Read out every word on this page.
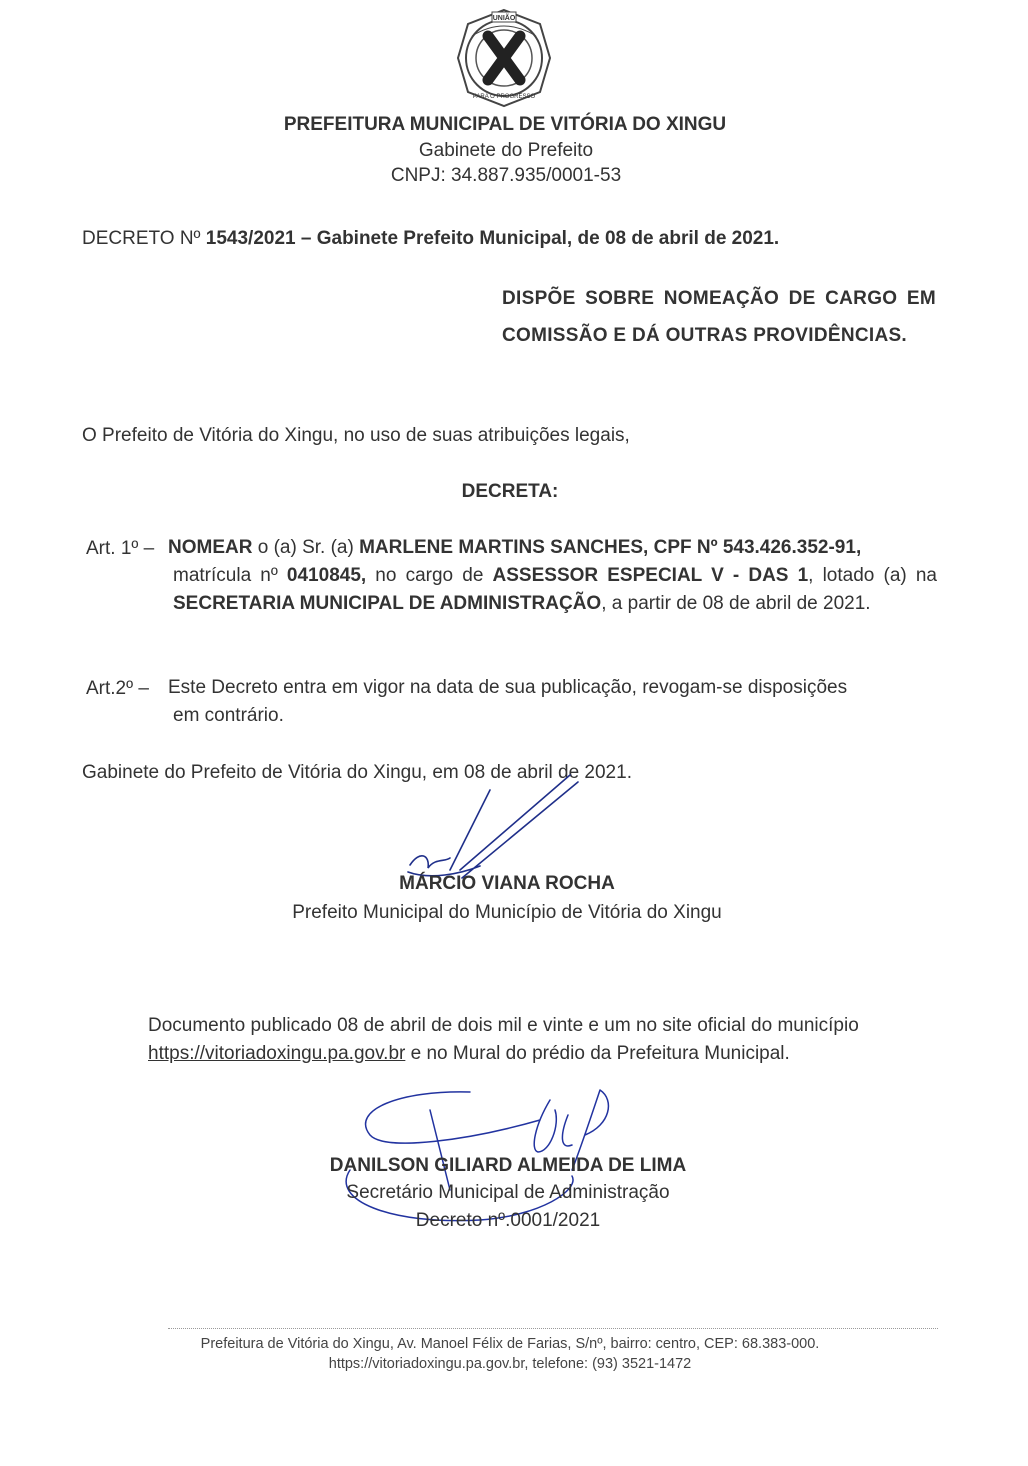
UNIÃO
PARA O PROGRESSO
PREFEITURA MUNICIPAL DE VITÓRIA DO XINGU
Gabinete do Prefeito
CNPJ: 34.887.935/0001-53
DECRETO Nº 1543/2021 – Gabinete Prefeito Municipal, de 08 de abril de 2021.
DISPÕE SOBRE NOMEAÇÃO DE CARGO EM COMISSÃO E DÁ OUTRAS PROVIDÊNCIAS.
O Prefeito de Vitória do Xingu, no uso de suas atribuições legais,
DECRETA:
Art. 1º – NOMEAR o (a) Sr. (a) MARLENE MARTINS SANCHES, CPF Nº 543.426.352-91,
matrícula nº 0410845, no cargo de ASSESSOR ESPECIAL V - DAS 1, lotado (a) na SECRETARIA MUNICIPAL DE ADMINISTRAÇÃO, a partir de 08 de abril de 2021.
Art.2º – Este Decreto entra em vigor na data de sua publicação, revogam-se disposições
em contrário.
Gabinete do Prefeito de Vitória do Xingu, em 08 de abril de 2021.
MÁRCIO VIANA ROCHA
Prefeito Municipal do Município de Vitória do Xingu
Documento publicado 08 de abril de dois mil e vinte e um no site oficial do município
https://vitoriadoxingu.pa.gov.br e no Mural do prédio da Prefeitura Municipal.
DANILSON GILIARD ALMEIDA DE LIMA
Secretário Municipal de Administração
Decreto nº.0001/2021
Prefeitura de Vitória do Xingu, Av. Manoel Félix de Farias, S/nº, bairro: centro, CEP: 68.383-000.
https://vitoriadoxingu.pa.gov.br, telefone: (93) 3521-1472
